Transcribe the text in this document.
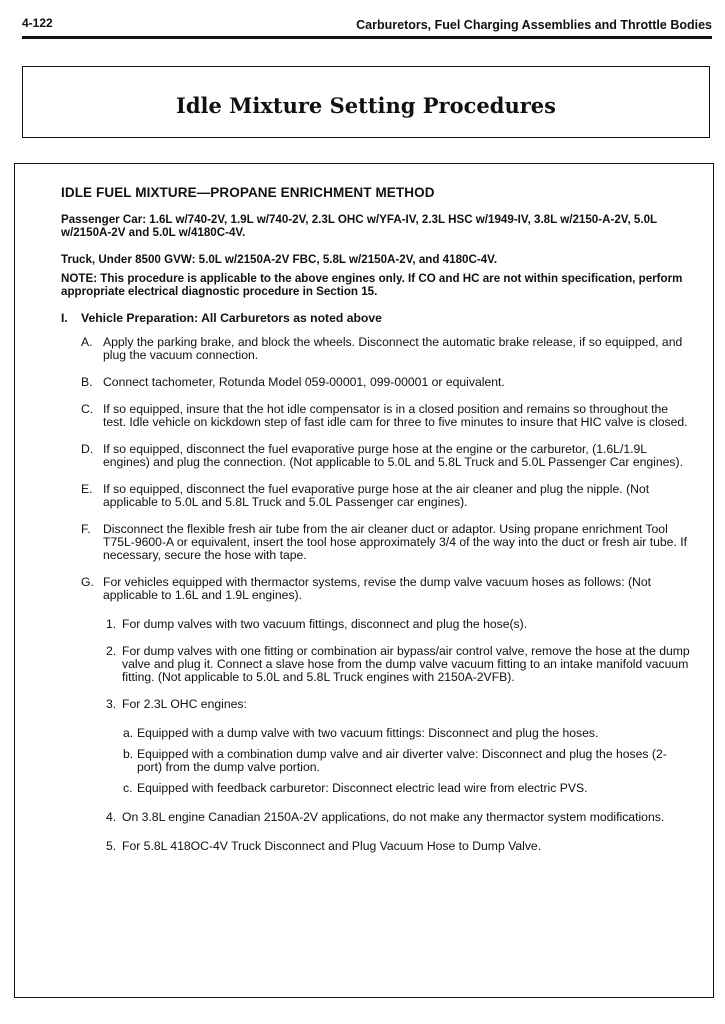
4-122	Carburetors, Fuel Charging Assemblies and Throttle Bodies
Idle Mixture Setting Procedures
IDLE FUEL MIXTURE—PROPANE ENRICHMENT METHOD

Passenger Car: 1.6L w/740-2V, 1.9L w/740-2V, 2.3L OHC w/YFA-IV, 2.3L HSC w/1949-IV, 3.8L w/2150-A-2V, 5.0L w/2150A-2V and 5.0L w/4180C-4V.

Truck, Under 8500 GVW: 5.0L w/2150A-2V FBC, 5.8L w/2150A-2V, and 4180C-4V.

NOTE: This procedure is applicable to the above engines only. If CO and HC are not within specification, perform appropriate electrical diagnostic procedure in Section 15.

I.	Vehicle Preparation: All Carburetors as noted above
A. Apply the parking brake, and block the wheels. Disconnect the automatic brake release, if so equipped, and plug the vacuum connection.
B. Connect tachometer, Rotunda Model 059-00001, 099-00001 or equivalent.
C. If so equipped, insure that the hot idle compensator is in a closed position and remains so throughout the test. Idle vehicle on kickdown step of fast idle cam for three to five minutes to insure that HIC valve is closed.
D. If so equipped, disconnect the fuel evaporative purge hose at the engine or the carburetor, (1.6L/1.9L engines) and plug the connection. (Not applicable to 5.0L and 5.8L Truck and 5.0L Passenger Car engines).
E. If so equipped, disconnect the fuel evaporative purge hose at the air cleaner and plug the nipple. (Not applicable to 5.0L and 5.8L Truck and 5.0L Passenger car engines).
F.	Disconnect the flexible fresh air tube from the air cleaner duct or adaptor. Using propane enrichment Tool T75L-9600-A or equivalent, insert the tool hose approximately 3/4 of the way into the duct or fresh air tube. If necessary, secure the hose with tape.
G. For vehicles equipped with thermactor systems, revise the dump valve vacuum hoses as follows: (Not applicable to 1.6L and 1.9L engines).
1. For dump valves with two vacuum fittings, disconnect and plug the hose(s).
2. For dump valves with one fitting or combination air bypass/air control valve, remove the hose at the dump valve and plug it. Connect a slave hose from the dump valve vacuum fitting to an intake manifold vacuum fitting. (Not applicable to 5.0L and 5.8L Truck engines with 2150A-2VFB).
3. For 2.3L OHC engines:
a. Equipped with a dump valve with two vacuum fittings: Disconnect and plug the hoses.
b. Equipped with a combination dump valve and air diverter valve: Disconnect and plug the hoses (2-port) from the dump valve portion.
c. Equipped with feedback carburetor: Disconnect electric lead wire from electric PVS.
4. On 3.8L engine Canadian 2150A-2V applications, do not make any thermactor system modifications.
5. For 5.8L 418OC-4V Truck Disconnect and Plug Vacuum Hose to Dump Valve.
